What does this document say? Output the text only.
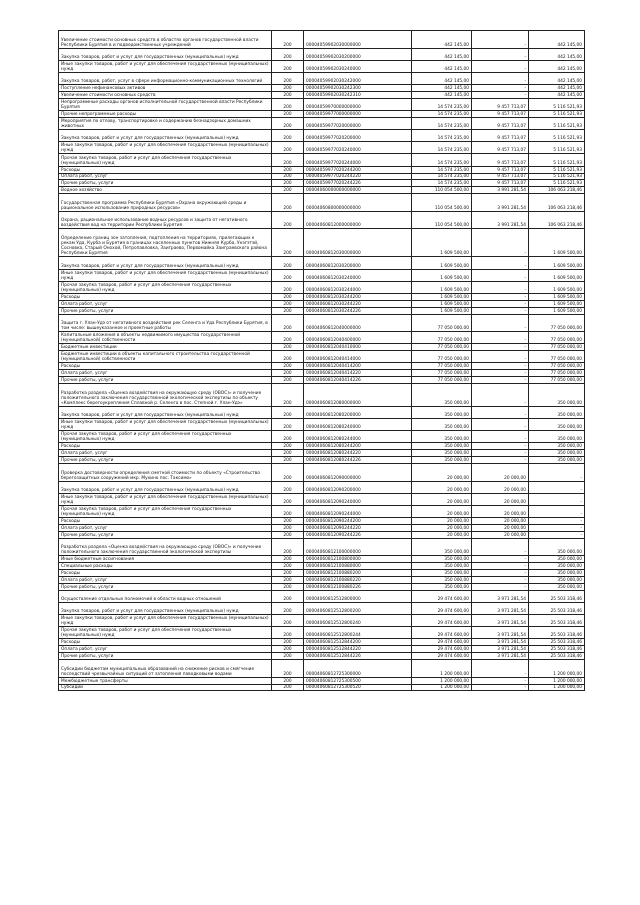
Увеличение стоимости основных средств в областях органов государственной власти Республики Бурятия в и подведомственных учреждений	200	00004059902030000000	442 145,00	-	442 145,00
Закупка товаров, работ и услуг для государственных (муниципальных) нужд	200	00004059902030200000	442 145,00	-	442 145,00
Иные закупки товаров, работ и услуг для обеспечения государственных (муниципальных) нужд	200	00004059902030240000	442 145,00	-	442 145,00
Закупка товаров, работ, услуг в сфере информационно-коммуникационных технологий	200	00004059902030242000	442 145,00	-	442 145,00
Поступление нефинансовых активов	200	00004059902030242300	442 145,00	-	442 145,00
Увеличение стоимости основных средств	200	00004059902030242310	442 145,00	-	442 145,00
Непрограммные расходы органов исполнительной государственной власти Республики Бурятия	200	00004059970000000000	14 574 235,00	9 457 713,07	5 116 521,93
Прочие непрограммные расходы	200	00004059977000000000	14 574 235,00	9 457 713,07	5 116 521,93
Мероприятия по отлову, транспортировке и содержанию безнадзорных домашних животных	200	00004059977020000000	14 574 235,00	9 457 713,07	5 116 521,93
Закупка товаров, работ и услуг для государственных (муниципальных) нужд	200	00004059977020200000	14 574 235,00	9 457 713,07	5 116 521,93
Иные закупки товаров, работ и услуг для обеспечения государственных (муниципальных) нужд	200	00004059977020240000	14 574 235,00	9 457 713,07	5 116 521,93
Прочая закупка товаров, работ и услуг для обеспечения государственных (муниципальных) нужд	200	00004059977020244000	14 574 235,00	9 457 713,07	5 116 521,93
Расходы	200	00004059977020244200	14 574 235,00	9 457 713,07	5 116 521,93
Оплата работ, услуг	200	00004059977020244220	14 574 235,00	9 457 713,07	5 116 521,93
Прочие работы, услуги	200	00004059977020244226	14 574 235,00	9 457 713,07	5 116 521,93
Водное хозяйство	200	00004060000000000000	110 054 500,00	3 991 281,54	106 063 218,46
Государственная программа Республики Бурятия «Охрана окружающей среды и рациональное использование природных ресурсов»	200	00004060800000000000	110 054 500,00	3 991 281,54	106 063 218,46
Охрана, рациональное использование водных ресурсов и защита от негативного воздействия вод на территории Республики Бурятия	200	00004060812000000000	110 054 500,00	3 991 281,54	106 063 218,46
Определение границ зон затопления, подтопления на территориях, прилегающих к рекам Уда, Курба и Бурятия в границах населенных пунктов Нижняя Курба, Унэгэтэй, Сосновка, Старый Онохой, Петропавловка, Заиграево, Первомайка Заиграевского района Республики Бурятия	200	00004060812030000000	1 609 500,00	-	1 609 500,00
Закупка товаров, работ и услуг для государственных (муниципальных) нужд	200	00004060812030200000	1 609 500,00	-	1 609 500,00
Иные закупки товаров, работ и услуг для обеспечения государственных (муниципальных) нужд	200	00004060812030240000	1 609 500,00	-	1 609 500,00
Прочая закупка товаров, работ и услуг для обеспечения государственных (муниципальных) нужд	200	00004060812030244000	1 609 500,00	-	1 609 500,00
Расходы	200	00004060812030244200	1 609 500,00	-	1 609 500,00
Оплата работ, услуг	200	00004060812030244220	1 609 500,00	-	1 609 500,00
Прочие работы, услуги	200	00004060812030244226	1 609 500,00	-	1 609 500,00
Защита г. Улан-Удэ от негативного воздействия рек Селенга и Уда Республики Бурятия, в том числе: вышеуказанное и проектные работы	200	00004060812040000000	77 050 000,00	-	77 050 000,00
Капитальные вложения в объекты недвижимого имущества государственной (муниципальной) собственности	200	00004060812040400000	77 050 000,00	-	77 050 000,00
Бюджетные инвестиции	200	00004060812040410000	77 050 000,00	-	77 050 000,00
Бюджетные инвестиции в объекты капитального строительства государственной (муниципальной) собственности	200	00004060812040414000	77 050 000,00	-	77 050 000,00
Расходы	200	00004060812040414200	77 050 000,00	-	77 050 000,00
Оплата работ, услуг	200	00004060812040414220	77 050 000,00	-	77 050 000,00
Прочие работы, услуги	200	00004060812040414226	77 050 000,00	-	77 050 000,00
Разработка раздела «Оценка воздействия на окружающую среду (ОВОС)» и получение положительного заключения государственной экологической экспертизы по объекту «Комплекс берегоукрепления Сплавной р. Селенга в пос. Степной г. Улан-Удэ»	200	00004060812080000000	350 000,00	-	350 000,00
Закупка товаров, работ и услуг для государственных (муниципальных) нужд	200	00004060812080200000	350 000,00	-	350 000,00
Иные закупки товаров, работ и услуг для обеспечения государственных (муниципальных) нужд	200	00004060812080240000	350 000,00	-	350 000,00
Прочая закупка товаров, работ и услуг для обеспечения государственных (муниципальных) нужд	200	00004060812080244000	350 000,00	-	350 000,00
Расходы	200	00004060812080244200	350 000,00	-	350 000,00
Оплата работ, услуг	200	00004060812080244220	350 000,00	-	350 000,00
Прочие работы, услуги	200	00004060812080244226	350 000,00	-	350 000,00
Проверка достоверности определения сметной стоимости по объекту «Строительство берегозащитных сооружений мкр. Мухино пос. Таксимо»	200	00004060812090000000	20 000,00	20 000,00	-
Закупка товаров, работ и услуг для государственных (муниципальных) нужд	200	00004060812090200000	20 000,00	20 000,00	-
Иные закупки товаров, работ и услуг для обеспечения государственных (муниципальных) нужд	200	00004060812090240000	20 000,00	20 000,00	-
Прочая закупка товаров, работ и услуг для обеспечения государственных (муниципальных) нужд	200	00004060812090244000	20 000,00	20 000,00	-
Расходы	200	00004060812090244200	20 000,00	20 000,00	-
Оплата работ, услуг	200	00004060812090244220	20 000,00	20 000,00	-
Прочие работы, услуги	200	00004060812090244226	20 000,00	20 000,00	-
Разработка раздела «Оценка воздействия на окружающую среду (ОВОС)» и получение положительного заключения государственной экологической экспертизы	200	00004060812100000000	350 000,00	-	350 000,00
Иные бюджетные ассигнования	200	00004060812100800000	350 000,00	-	350 000,00
Специальные расходы	200	00004060812100880000	350 000,00	-	350 000,00
Расходы	200	00004060812100880200	350 000,00	-	350 000,00
Оплата работ, услуг	200	00004060812100880220	350 000,00	-	350 000,00
Прочие работы, услуги	200	00004060812100880226	350 000,00	-	350 000,00
Осуществление отдельных полномочий в области водных отношений	200	00004060812512800000	29 474 600,00	3 971 281,54	25 503 318,46
Закупка товаров, работ и услуг для государственных (муниципальных) нужд	200	00004060812512800200	29 474 600,00	3 971 281,54	25 503 318,46
Иные закупки товаров, работ и услуг для обеспечения государственных (муниципальных) нужд	200	00004060812512800240	29 474 600,00	3 971 281,54	25 503 318,46
Прочая закупка товаров, работ и услуг для обеспечения государственных (муниципальных) нужд	200	00004060812512800244	29 474 600,00	3 971 281,54	25 503 318,46
Расходы	200	00004060812512844200	29 474 600,00	3 971 281,54	25 503 318,46
Оплата работ, услуг	200	00004060812512844220	29 474 600,00	3 971 281,54	25 503 318,46
Прочие работы, услуги	200	00004060812512844226	29 474 600,00	3 971 281,54	25 503 318,46
Субсидии бюджетам муниципальных образований на снижение рисков и смягчение последствий чрезвычайных ситуаций от затопления паводковыми водами	200	00004060812725300000	1 200 000,00	-	1 200 000,00
Межбюджетные трансферты	200	00004060812725300500	1 200 000,00	-	1 200 000,00
Субсидии	200	00004060812725300520	1 200 000,00	-	1 200 000,00
